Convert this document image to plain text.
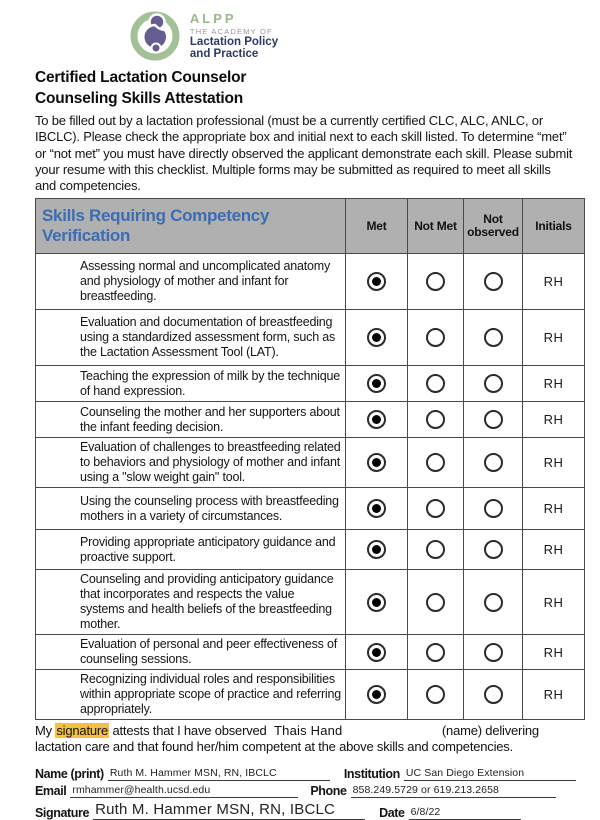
ALPP
THE ACADEMY OF
Lactation Policy
and Practice
Certified Lactation Counselor
Counseling Skills Attestation

To be filled out by a lactation professional (must be a currently certified CLC, ALC, ANLC, or IBCLC). Please check the appropriate box and initial next to each skill listed. To determine “met” or “not met” you must have directly observed the applicant demonstrate each skill. Please submit your resume with this checklist. Multiple forms may be submitted as required to meet all skills and competencies.

Skills Requiring Competency Verification	Met	Not Met	Not observed	Initials
Assessing normal and uncomplicated anatomy and physiology of mother and infant for breastfeeding.				RH
Evaluation and documentation of breastfeeding using a standardized assessment form, such as the Lactation Assessment Tool (LAT).				RH
Teaching the expression of milk by the technique of hand expression.				RH
Counseling the mother and her supporters about the infant feeding decision.				RH
Evaluation of challenges to breastfeeding related to behaviors and physiology of mother and infant using a "slow weight gain" tool.				RH
Using the counseling process with breastfeeding mothers in a variety of circumstances.				RH
Providing appropriate anticipatory guidance and proactive support.				RH
Counseling and providing anticipatory guidance that incorporates and respects the value systems and health beliefs of the breastfeeding mother.				RH
Evaluation of personal and peer effectiveness of counseling sessions.				RH
Recognizing individual roles and responsibilities within appropriate scope of practice and referring appropriately.				RH

My signature attests that I have observed Thais Hand	(name) delivering

lactation care and that found her/him competent at the above skills and competencies.

Name (print) Ruth M. Hammer MSN, RN, IBCLC	Institution UC San Diego Extension
Email rmhammer@health.ucsd.edu	Phone 858.249.5729 or 619.213.2658
Signature Ruth M. Hammer MSN, RN, IBCLC	Date 6/8/22
